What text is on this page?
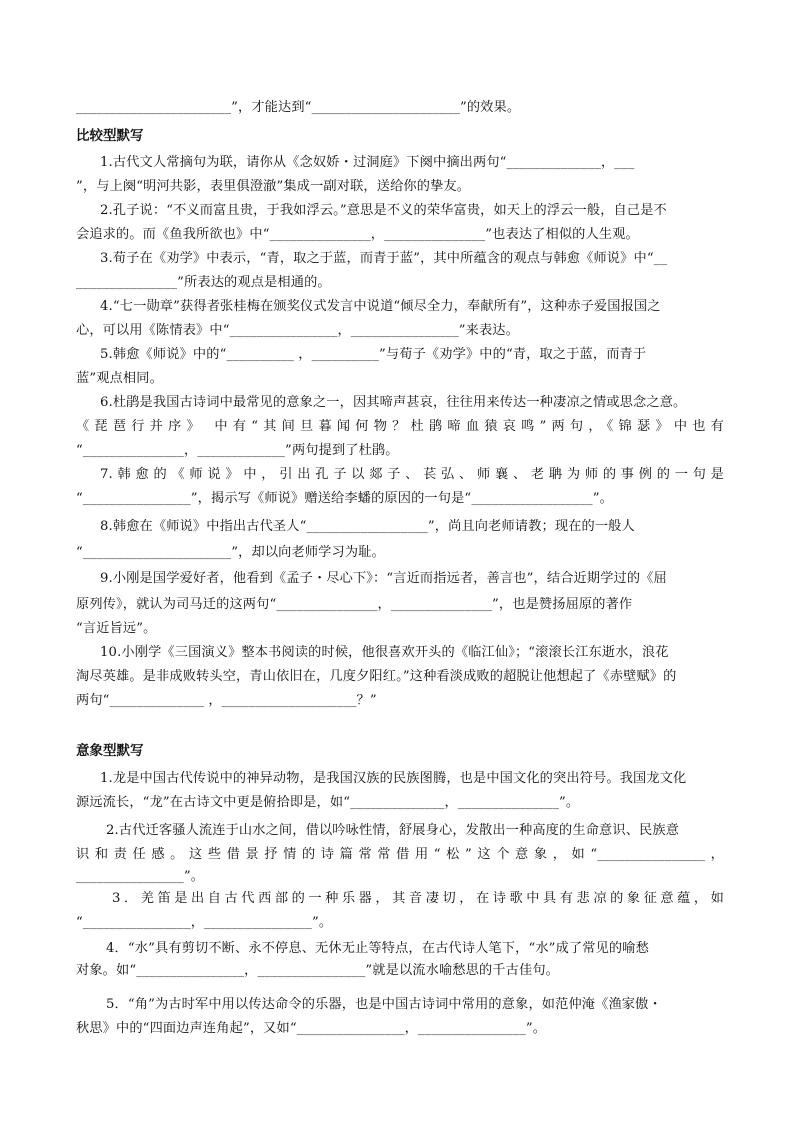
_______________________”，才能达到“______________________”的效果。
比较型默写
1.古代文人常摘句为联，请你从《念奴娇・过洞庭》下阕中摘出两句“______________，___
”，与上阕“明河共影，表里俱澄澈”集成一副对联，送给你的挚友。
2.孔子说：“不义而富且贵，于我如浮云。”意思是不义的荣华富贵，如天上的浮云一般，自己是不
会追求的。而《鱼我所欲也》中“_______________，_______________”也表达了相似的人生观。
3.荀子在《劝学》中表示，“青，取之于蓝，而青于蓝”，其中所蕴含的观点与韩愈《师说》中“__
_______________”所表达的观点是相通的。
4.“七一勋章”获得者张桂梅在颁奖仪式发言中说道“倾尽全力，奉献所有”，这种赤子爱国报国之
心，可以用《陈情表》中“________________，________________”来表达。
5.韩愈《师说》中的“__________ ，__________”与荀子《劝学》中的“青，取之于蓝，而青于
蓝”观点相同。
6.杜鹃是我国古诗词中最常见的意象之一，因其啼声甚哀，往往用来传达一种凄凉之情或思念之意。
《琵琶行并序》 中有“其间旦暮闻何物？杜鹃啼血猿哀鸣”两句，《锦瑟》中也有
“_______________，_____________”两句提到了杜鹃。
7.韩愈的《师说》中，引出孔子以郯子、苌弘、师襄、老聃为师的事例的一句是
“________________”，揭示写《师说》赠送给李蟠的原因的一句是“__________________”。
8.韩愈在《师说》中指出古代圣人“__________________”，尚且向老师请教；现在的一般人
“______________________”，却以向老师学习为耻。
9.小刚是国学爱好者，他看到《孟子・尽心下》：“言近而指远者，善言也”，结合近期学过的《屈
原列传》，就认为司马迁的这两句“_______________，_______________”，也是赞扬屈原的著作
“言近旨远”。
10.小刚学《三国演义》整本书阅读的时候，他很喜欢开头的《临江仙》；“滚滚长江东逝水，浪花
淘尽英雄。是非成败转头空，青山依旧在，几度夕阳红。”这种看淡成败的超脱让他想起了《赤壁赋》的
两句“______________ ，____________________？”
意象型默写
1.龙是中国古代传说中的神异动物，是我国汉族的民族图腾，也是中国文化的突出符号。我国龙文化
源远流长，“龙”在古诗文中更是俯拾即是，如“______________，_______________”。
2.古代迁客骚人流连于山水之间，借以吟咏性情，舒展身心，发散出一种高度的生命意识、民族意
识和责任感。这些借景抒情的诗篇常常借用“松”这个意象，如“________________，
________________”。
3．羌笛是出自古代西部的一种乐器，其音凄切，在诗歌中具有悲凉的象征意蕴，如
“________________，________________”。
4．“水”具有剪切不断、永不停息、无休无止等特点，在古代诗人笔下，“水”成了常见的喻愁
对象。如“________________，________________”就是以流水喻愁思的千古佳句。
5．“角”为古时军中用以传达命令的乐器，也是中国古诗词中常用的意象，如范仲淹《渔家傲・
秋思》中的“四面边声连角起”，又如“________________，________________”。
